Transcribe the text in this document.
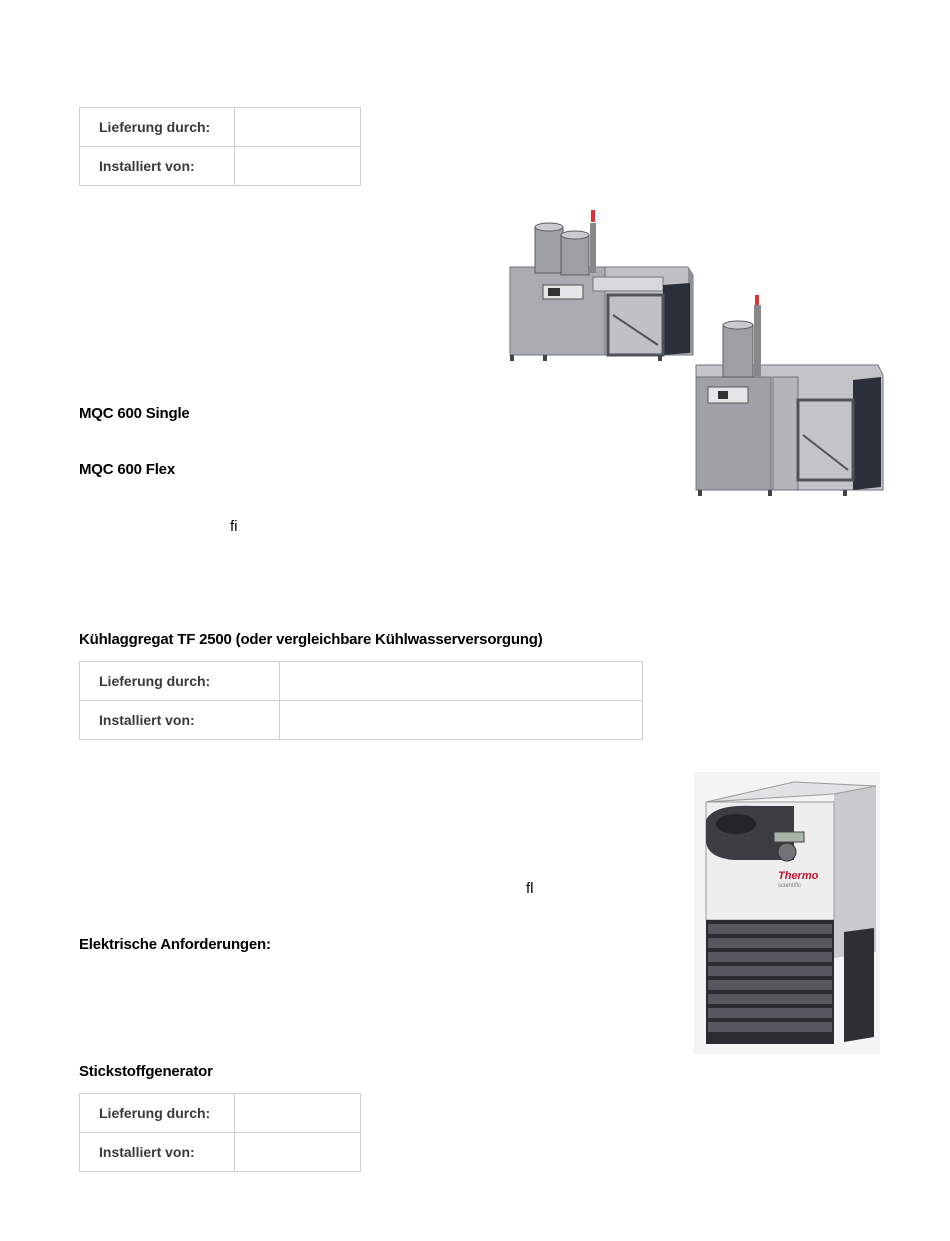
Lieferung durch:	
Installiert von:	
MQC 600 Single
MQC 600 Flex
ﬁ
Kühlaggregat TF 2500 (oder vergleichbare Kühlwasserversorgung)
Lieferung durch:	
Installiert von:	
ﬂ
Elektrische Anforderungen:
Thermo
scientific
Stickstoffgenerator
Lieferung durch:	
Installiert von:	
